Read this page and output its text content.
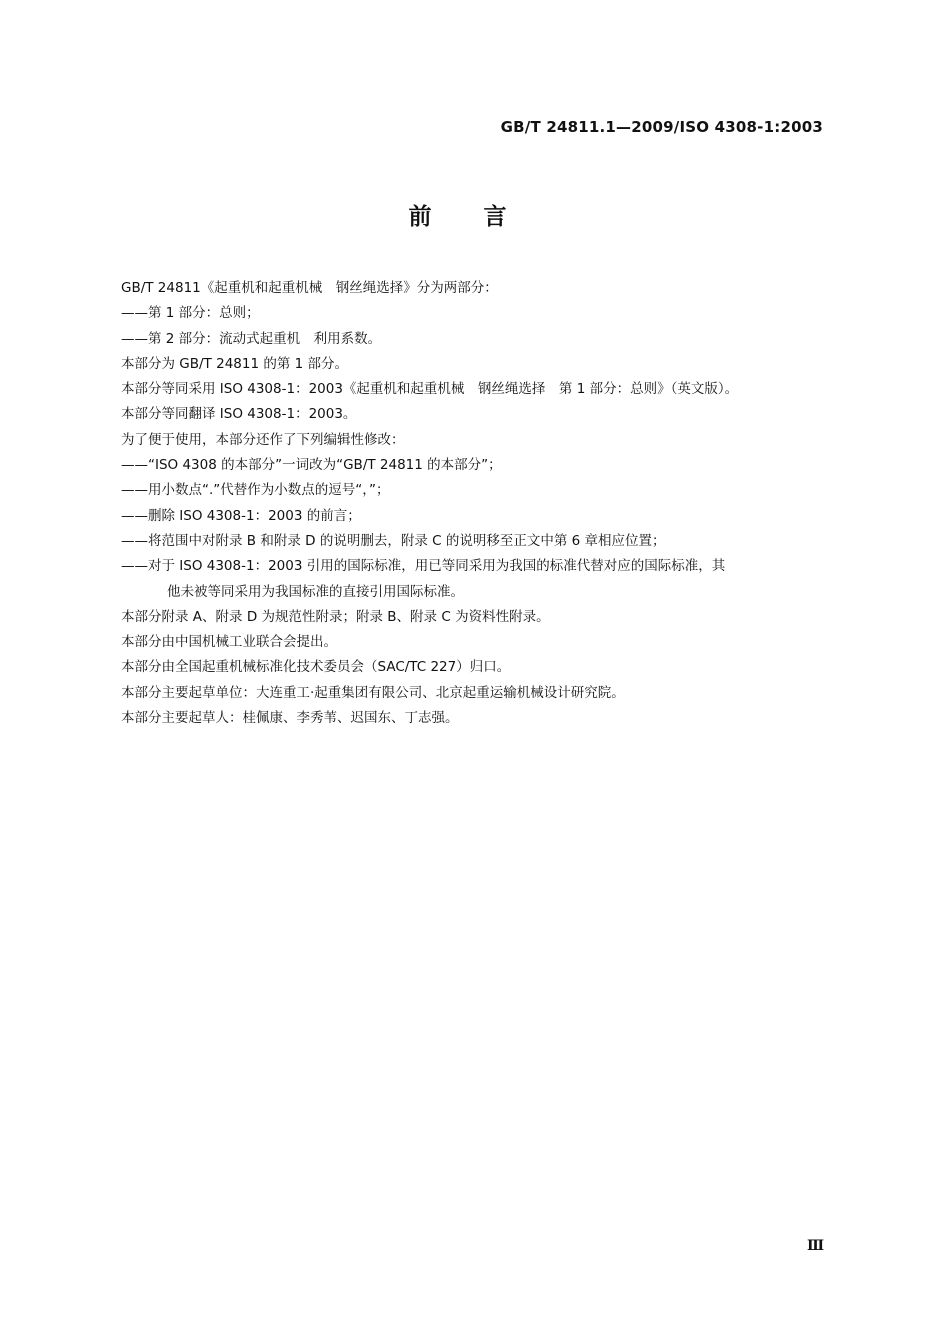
GB/T 24811.1—2009/ISO 4308-1:2003
前言
GB/T 24811《起重机和起重机械　钢丝绳选择》分为两部分：
——第 1 部分：总则；
——第 2 部分：流动式起重机　利用系数。
本部分为 GB/T 24811 的第 1 部分。
本部分等同采用 ISO 4308-1：2003《起重机和起重机械　钢丝绳选择　第 1 部分：总则》（英文版）。
本部分等同翻译 ISO 4308-1：2003。
为了便于使用，本部分还作了下列编辑性修改：
——“ISO 4308 的本部分”一词改为“GB/T 24811 的本部分”；
——用小数点“.”代替作为小数点的逗号“，”；
——删除 ISO 4308-1：2003 的前言；
——将范围中对附录 B 和附录 D 的说明删去，附录 C 的说明移至正文中第 6 章相应位置；
——对于 ISO 4308-1：2003 引用的国际标准，用已等同采用为我国的标准代替对应的国际标准，其
他未被等同采用为我国标准的直接引用国际标准。
本部分附录 A、附录 D 为规范性附录；附录 B、附录 C 为资料性附录。
本部分由中国机械工业联合会提出。
本部分由全国起重机械标准化技术委员会（SAC/TC 227）归口。
本部分主要起草单位：大连重工·起重集团有限公司、北京起重运输机械设计研究院。
本部分主要起草人：桂佩康、李秀苇、迟国东、丁志强。
Ⅲ
